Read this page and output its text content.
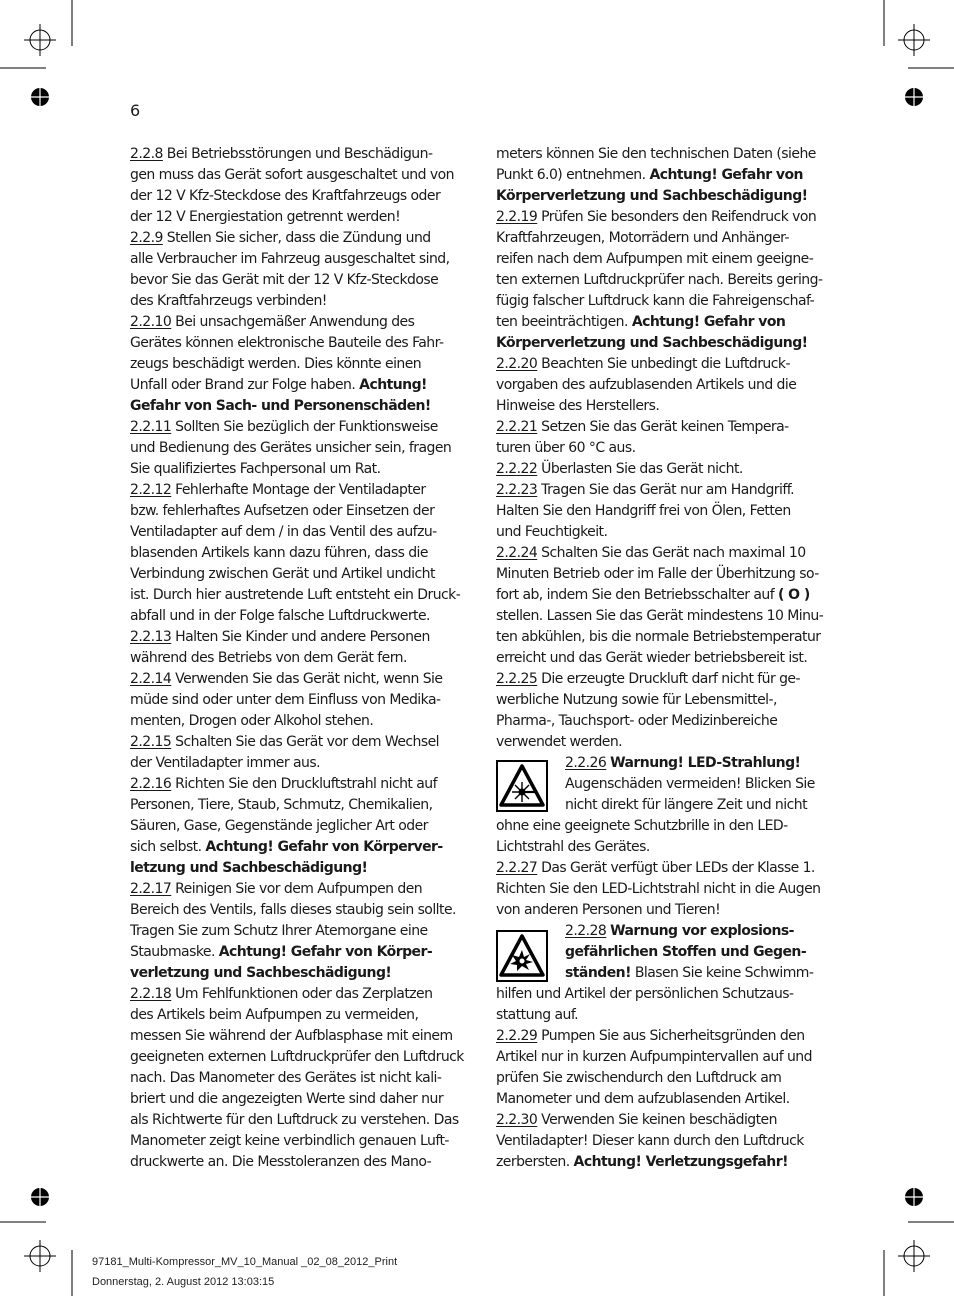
6
2.2.8 Bei Betriebsstörungen und Beschädigun-
gen muss das Gerät sofort ausgeschaltet und von
der 12 V Kfz-Steckdose des Kraftfahrzeugs oder
der 12 V Energiestation getrennt werden!
2.2.9 Stellen Sie sicher, dass die Zündung und
alle Verbraucher im Fahrzeug ausgeschaltet sind,
bevor Sie das Gerät mit der 12 V Kfz-Steckdose
des Kraftfahrzeugs verbinden!
2.2.10 Bei unsachgemäßer Anwendung des
Gerätes können elektronische Bauteile des Fahr-
zeugs beschädigt werden. Dies könnte einen
Unfall oder Brand zur Folge haben. Achtung!
Gefahr von Sach- und Personenschäden!
2.2.11 Sollten Sie bezüglich der Funktionsweise
und Bedienung des Gerätes unsicher sein, fragen
Sie qualifiziertes Fachpersonal um Rat.
2.2.12 Fehlerhafte Montage der Ventiladapter
bzw. fehlerhaftes Aufsetzen oder Einsetzen der
Ventiladapter auf dem / in das Ventil des aufzu-
blasenden Artikels kann dazu führen, dass die
Verbindung zwischen Gerät und Artikel undicht
ist. Durch hier austretende Luft entsteht ein Druck-
abfall und in der Folge falsche Luftdruckwerte.
2.2.13 Halten Sie Kinder und andere Personen
während des Betriebs von dem Gerät fern.
2.2.14 Verwenden Sie das Gerät nicht, wenn Sie
müde sind oder unter dem Einfluss von Medika-
menten, Drogen oder Alkohol stehen.
2.2.15 Schalten Sie das Gerät vor dem Wechsel
der Ventiladapter immer aus.
2.2.16 Richten Sie den Druckluftstrahl nicht auf
Personen, Tiere, Staub, Schmutz, Chemikalien,
Säuren, Gase, Gegenstände jeglicher Art oder
sich selbst. Achtung! Gefahr von Körperver-
letzung und Sachbeschädigung!
2.2.17 Reinigen Sie vor dem Aufpumpen den
Bereich des Ventils, falls dieses staubig sein sollte.
Tragen Sie zum Schutz Ihrer Atemorgane eine
Staubmaske. Achtung! Gefahr von Körper-
verletzung und Sachbeschädigung!
2.2.18 Um Fehlfunktionen oder das Zerplatzen
des Artikels beim Aufpumpen zu vermeiden,
messen Sie während der Aufblasphase mit einem
geeigneten externen Luftdruckprüfer den Luftdruck
nach. Das Manometer des Gerätes ist nicht kali-
briert und die angezeigten Werte sind daher nur
als Richtwerte für den Luftdruck zu verstehen. Das
Manometer zeigt keine verbindlich genauen Luft-
druckwerte an. Die Messtoleranzen des Mano-
meters können Sie den technischen Daten (siehe
Punkt 6.0) entnehmen. Achtung! Gefahr von
Körperverletzung und Sachbeschädigung!
2.2.19 Prüfen Sie besonders den Reifendruck von
Kraftfahrzeugen, Motorrädern und Anhänger-
reifen nach dem Aufpumpen mit einem geeigne-
ten externen Luftdruckprüfer nach. Bereits gering-
fügig falscher Luftdruck kann die Fahreigenschaf-
ten beeinträchtigen. Achtung! Gefahr von
Körperverletzung und Sachbeschädigung!
2.2.20 Beachten Sie unbedingt die Luftdruck-
vorgaben des aufzublasenden Artikels und die
Hinweise des Herstellers.
2.2.21 Setzen Sie das Gerät keinen Tempera-
turen über 60 °C aus.
2.2.22 Überlasten Sie das Gerät nicht.
2.2.23 Tragen Sie das Gerät nur am Handgriff.
Halten Sie den Handgriff frei von Ölen, Fetten
und Feuchtigkeit.
2.2.24 Schalten Sie das Gerät nach maximal 10
Minuten Betrieb oder im Falle der Überhitzung so-
fort ab, indem Sie den Betriebsschalter auf ( O )
stellen. Lassen Sie das Gerät mindestens 10 Minu-
ten abkühlen, bis die normale Betriebstemperatur
erreicht und das Gerät wieder betriebsbereit ist.
2.2.25 Die erzeugte Druckluft darf nicht für ge-
werbliche Nutzung sowie für Lebensmittel-,
Pharma-, Tauchsport- oder Medizinbereiche
verwendet werden.
2.2.26 Warnung! LED-Strahlung!
Augenschäden vermeiden! Blicken Sie
nicht direkt für längere Zeit und nicht
ohne eine geeignete Schutzbrille in den LED-
Lichtstrahl des Gerätes.
2.2.27 Das Gerät verfügt über LEDs der Klasse 1.
Richten Sie den LED-Lichtstrahl nicht in die Augen
von anderen Personen und Tieren!
2.2.28 Warnung vor explosions-
gefährlichen Stoffen und Gegen-
ständen! Blasen Sie keine Schwimm-
hilfen und Artikel der persönlichen Schutzaus-
stattung auf.
2.2.29 Pumpen Sie aus Sicherheitsgründen den
Artikel nur in kurzen Aufpumpintervallen auf und
prüfen Sie zwischendurch den Luftdruck am
Manometer und dem aufzublasenden Artikel.
2.2.30 Verwenden Sie keinen beschädigten
Ventiladapter! Dieser kann durch den Luftdruck
zerbersten. Achtung! Verletzungsgefahr!
97181_Multi-Kompressor_MV_10_Manual _02_08_2012_Print
Donnerstag, 2. August 2012 13:03:15
